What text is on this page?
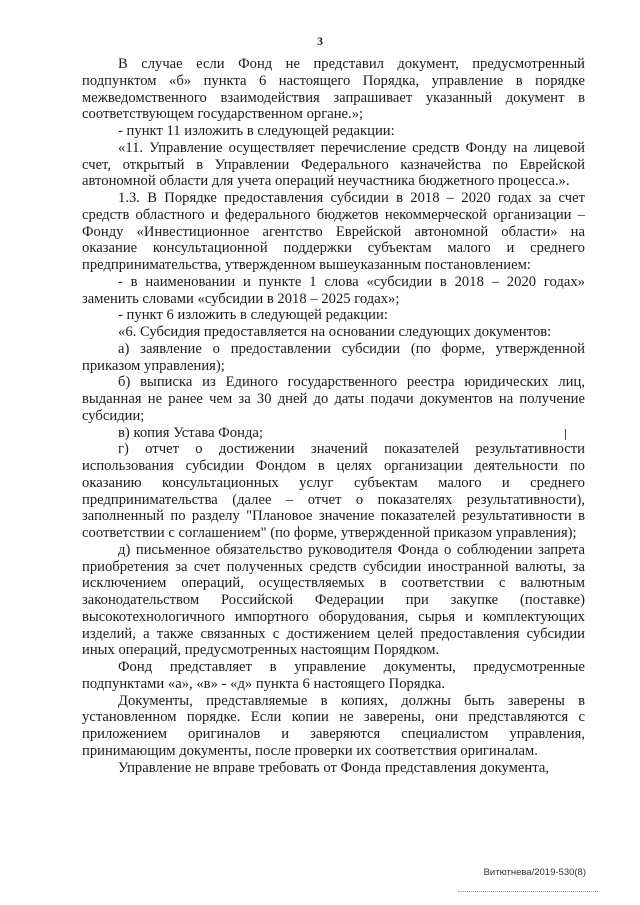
3

В случае если Фонд не представил документ, предусмотренный подпунктом «б» пункта 6 настоящего Порядка, управление в порядке межведомственного взаимодействия запрашивает указанный документ в соответствующем государственном органе.»;

- пункт 11 изложить в следующей редакции:

«11. Управление осуществляет перечисление средств Фонду на лицевой счет, открытый в Управлении Федерального казначейства по Еврейской автономной области для учета операций неучастника бюджетного процесса.».

1.3. В Порядке предоставления субсидии в 2018 – 2020 годах за счет средств областного и федерального бюджетов некоммерческой организации – Фонду «Инвестиционное агентство Еврейской автономной области» на оказание консультационной поддержки субъектам малого и среднего предпринимательства, утвержденном вышеуказанным постановлением:

- в наименовании и пункте 1 слова «субсидии в 2018 – 2020 годах» заменить словами «субсидии в 2018 – 2025 годах»;

- пункт 6 изложить в следующей редакции:

«6. Субсидия предоставляется на основании следующих документов:

а) заявление о предоставлении субсидии (по форме, утвержденной приказом управления);

б) выписка из Единого государственного реестра юридических лиц, выданная не ранее чем за 30 дней до даты подачи документов на получение субсидии;

в) копия Устава Фонда;

г) отчет о достижении значений показателей результативности использования субсидии Фондом в целях организации деятельности по оказанию консультационных услуг субъектам малого и среднего предпринимательства (далее – отчет о показателях результативности), заполненный по разделу "Плановое значение показателей результативности в соответствии с соглашением" (по форме, утвержденной приказом управления);

д) письменное обязательство руководителя Фонда о соблюдении запрета приобретения за счет полученных средств субсидии иностранной валюты, за исключением операций, осуществляемых в соответствии с валютным законодательством Российской Федерации при закупке (поставке) высокотехнологичного импортного оборудования, сырья и комплектующих изделий, а также связанных с достижением целей предоставления субсидии иных операций, предусмотренных настоящим Порядком.

Фонд представляет в управление документы, предусмотренные подпунктами «а», «в» - «д» пункта 6 настоящего Порядка.

Документы, представляемые в копиях, должны быть заверены в установленном порядке. Если копии не заверены, они представляются с приложением оригиналов и заверяются специалистом управления, принимающим документы, после проверки их соответствия оригиналам.

Управление не вправе требовать от Фонда представления документа,

Витютнева/2019-530(8)
